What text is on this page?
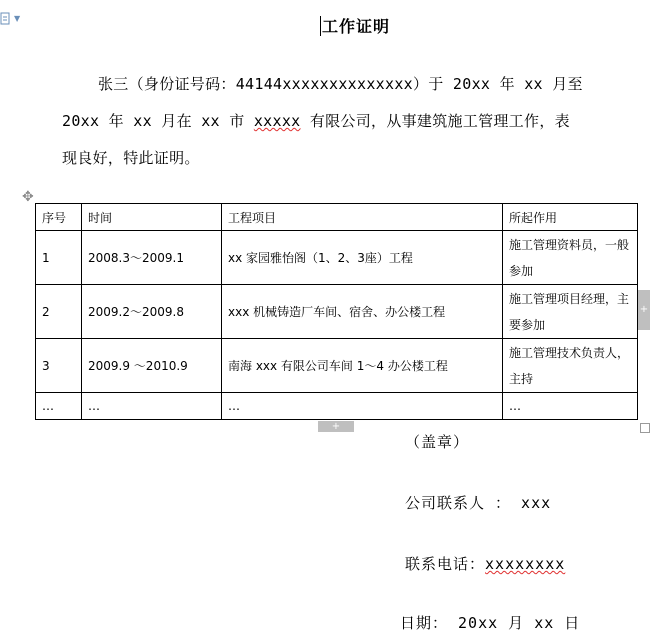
▼	工作证明
张三（身份证号码：44144xxxxxxxxxxxxxx）于 20xx 年 xx 月至
20xx 年 xx 月在 xx 市 xxxxx 有限公司，从事建筑施工管理工作，表
现良好，特此证明。
✥
序号	时间	工程项目	所起作用
1	2008.3～2009.1	xx 家园雅怡阁（1、2、3座）工程	施工管理资料员，一般参加
2	2009.2～2009.8	xxx 机械铸造厂车间、宿舍、办公楼工程	施工管理项目经理，主要参加
3	2009.9 ～2010.9	南海 xxx 有限公司车间 1～4 办公楼工程	施工管理技术负责人，主持
…	…	…	…
+
+
（盖章）
公司联系人 ： xxx
联系电话：xxxxxxxx
日期： 20xx 月 xx 日
